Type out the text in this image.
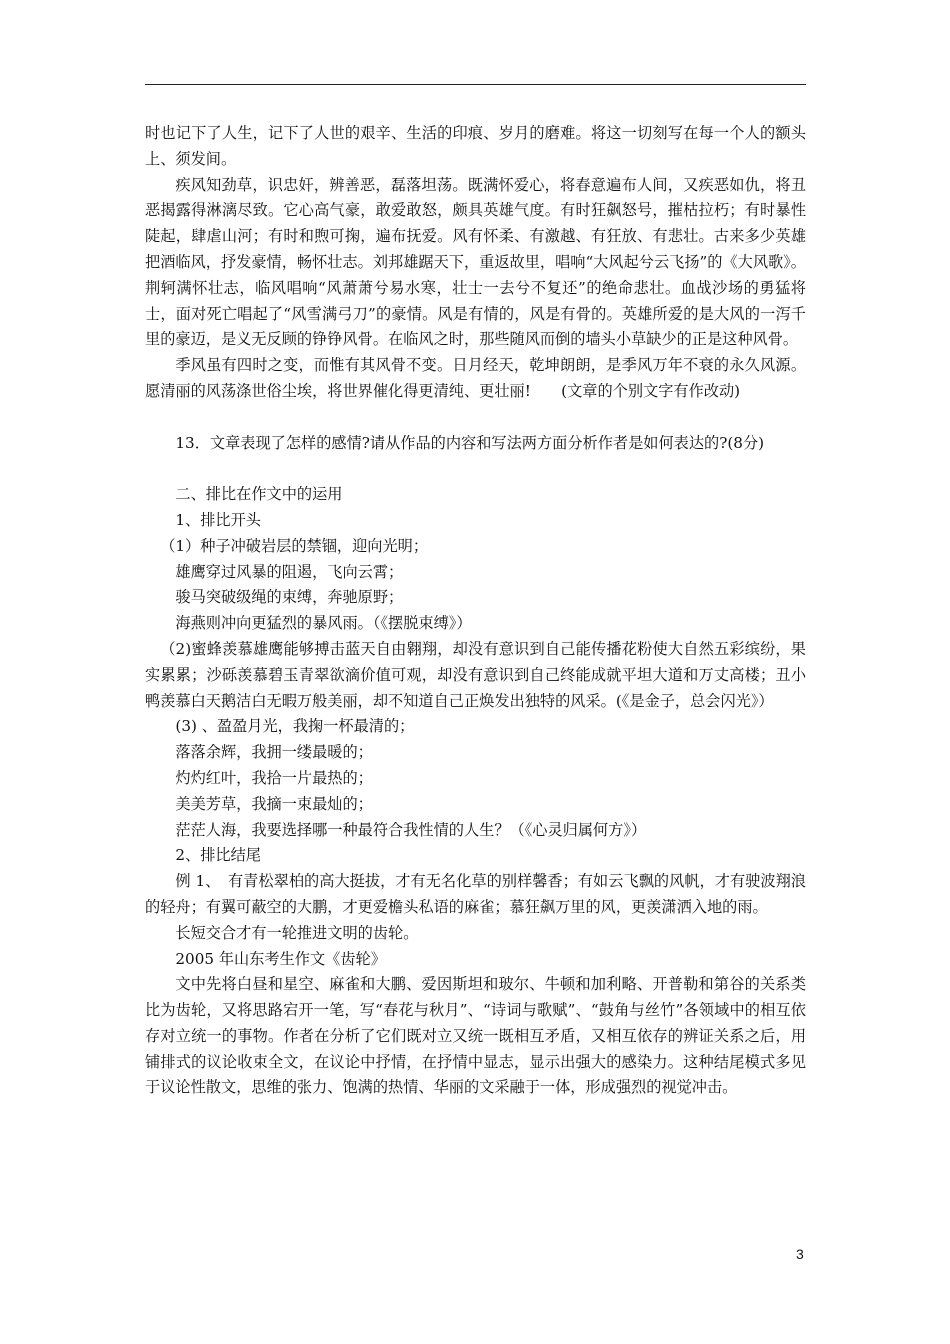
时也记下了人生，记下了人世的艰辛、生活的印痕、岁月的磨难。将这一切刻写在每一个人的额头上、须发间。

疾风知劲草，识忠奸，辨善恶，磊落坦荡。既满怀爱心，将春意遍布人间，又疾恶如仇，将丑恶揭露得淋漓尽致。它心高气豪，敢爱敢怒，颇具英雄气度。有时狂飙怒号，摧枯拉朽；有时暴性陡起，肆虐山河；有时和煦可掬，遍布抚爱。风有怀柔、有激越、有狂放、有悲壮。古来多少英雄把酒临风，抒发豪情，畅怀壮志。刘邦雄踞天下，重返故里，唱响“大风起兮云飞扬”的《大风歌》。荆轲满怀壮志，临风唱响“风萧萧兮易水寒，壮士一去兮不复还”的绝命悲壮。血战沙场的勇猛将士，面对死亡唱起了“风雪满弓刀”的豪情。风是有情的，风是有骨的。英雄所爱的是大风的一泻千里的豪迈，是义无反顾的铮铮风骨。在临风之时，那些随风而倒的墙头小草缺少的正是这种风骨。

季风虽有四时之变，而惟有其风骨不变。日月经天，乾坤朗朗，是季风万年不衰的永久风源。愿清丽的风荡涤世俗尘埃，将世界催化得更清纯、更壮丽!　　(文章的个别文字有作改动)

13．文章表现了怎样的感情?请从作品的内容和写法两方面分析作者是如何表达的?(8分)

二、排比在作文中的运用

1、排比开头

（1）种子冲破岩层的禁锢，迎向光明；

雄鹰穿过风暴的阻遏，飞向云霄；

骏马突破级绳的束缚，奔驰原野；

海燕则冲向更猛烈的暴风雨。（《摆脱束缚》）

（2)蜜蜂羡慕雄鹰能够搏击蓝天自由翱翔，却没有意识到自己能传播花粉使大自然五彩缤纷，果实累累；沙砾羡慕碧玉青翠欲滴价值可观，却没有意识到自己终能成就平坦大道和万丈高楼；丑小鸭羡慕白天鹅洁白无暇万般美丽，却不知道自己正焕发出独特的风采。(《是金子，总会闪光》）

(3) 、盈盈月光，我掬一杯最清的；

落落余辉，我拥一缕最暖的；

灼灼红叶，我拾一片最热的；

美美芳草，我摘一束最灿的；

茫茫人海，我要选择哪一种最符合我性情的人生？（《心灵归属何方》）

2、排比结尾

例 1、　有青松翠柏的高大挺拔，才有无名化草的别样馨香；有如云飞飘的风帆，才有驶波翔浪的轻舟；有翼可蔽空的大鹏，才更爱檐头私语的麻雀；慕狂飙万里的风，更羡潇洒入地的雨。

长短交合才有一轮推进文明的齿轮。

2005 年山东考生作文《齿轮》

文中先将白昼和星空、麻雀和大鹏、爱因斯坦和玻尔、牛顿和加利略、开普勒和第谷的关系类比为齿轮，又将思路宕开一笔，写“春花与秋月”、“诗词与歌赋”、“鼓角与丝竹”各领域中的相互依存对立统一的事物。作者在分析了它们既对立又统一既相互矛盾，又相互依存的辨证关系之后，用铺排式的议论收束全文，在议论中抒情，在抒情中显志，显示出强大的感染力。这种结尾模式多见于议论性散文，思维的张力、饱满的热情、华丽的文采融于一体，形成强烈的视觉冲击。

3
